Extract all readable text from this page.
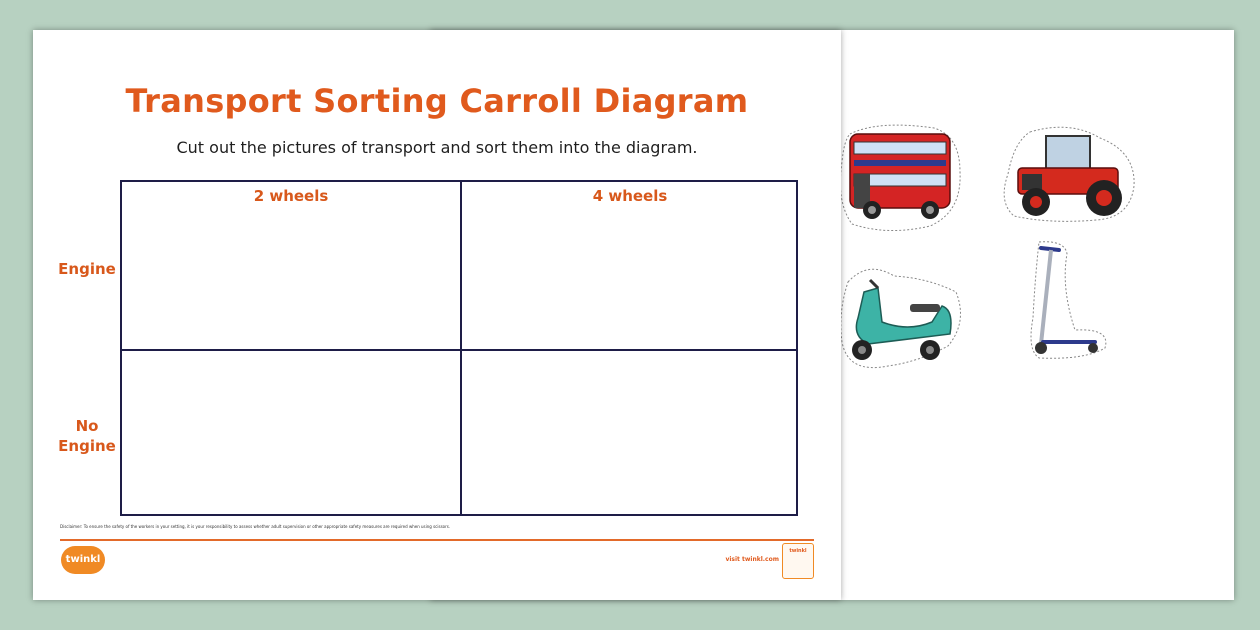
Transport Sorting Carroll Diagram
Cut out the pictures of transport and sort them into the diagram.
2 wheels	4 wheels
Engine
No
Engine
Disclaimer: To ensure the safety of the workers in your setting, it is your responsibility to assess whether adult supervision or other appropriate safety measures are required when using scissors.
twinkl	visit twinkl.com
twinkl
